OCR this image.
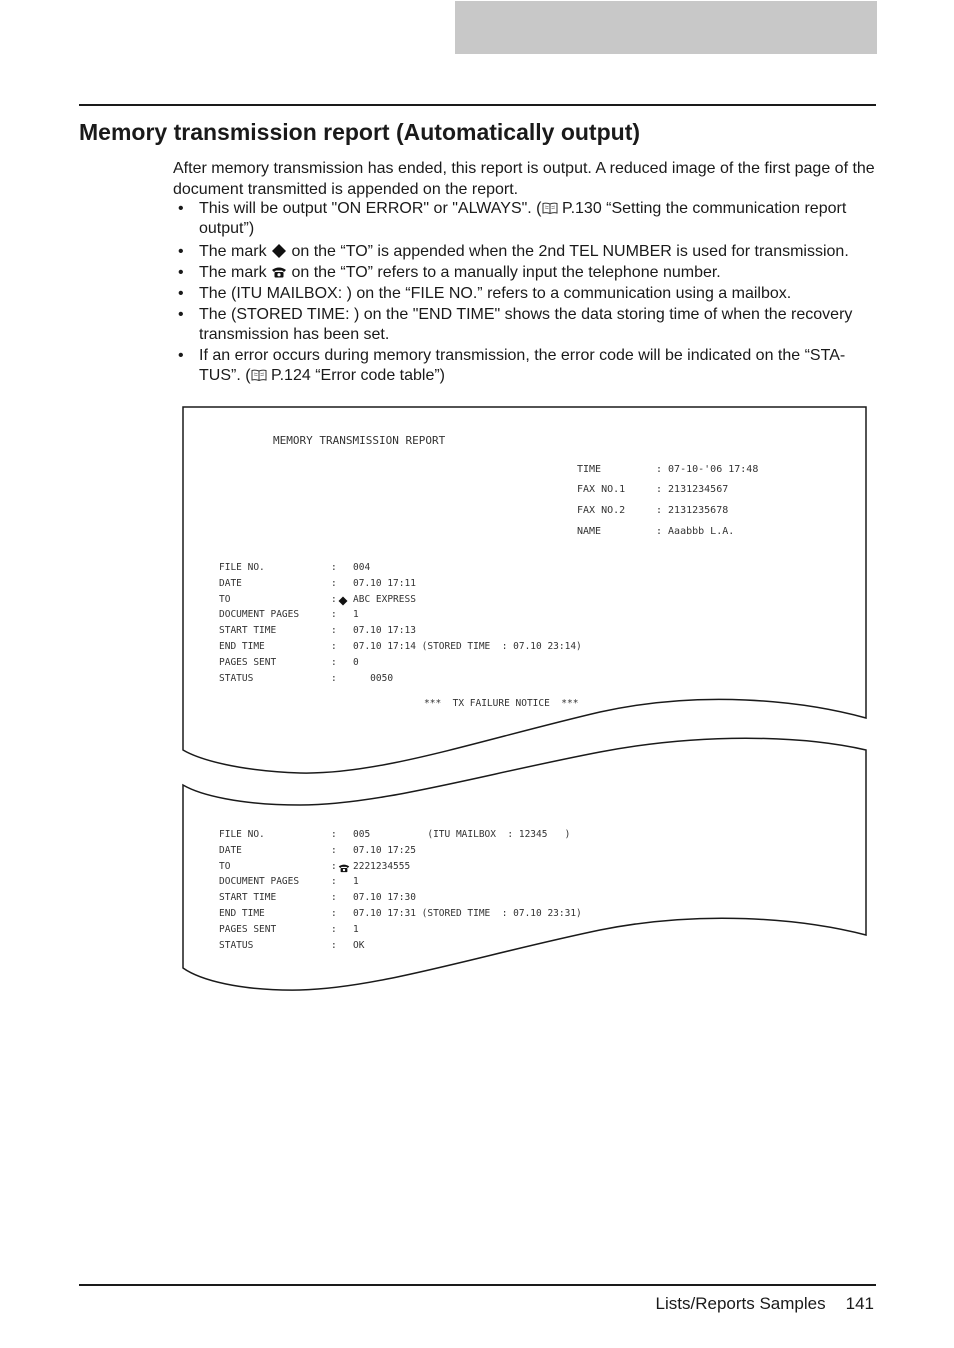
Memory transmission report (Automatically output)

After memory transmission has ended, this report is output. A reduced image of the first page of the document transmitted is appended on the report.

• This will be output "ON ERROR" or "ALWAYS". ( P.130 “Setting the communication report output”)
• The mark  on the “TO” is appended when the 2nd TEL NUMBER is used for transmission.
• The mark  on the “TO” refers to a manually input the telephone number.
• The (ITU MAILBOX: ) on the “FILE NO.” refers to a communication using a mailbox.
• The (STORED TIME: ) on the "END TIME" shows the data storing time of when the recovery transmission has been set.
• If an error occurs during memory transmission, the error code will be indicated on the “STA-TUS”. ( P.124 “Error code table”)
MEMORY TRANSMISSION REPORT
TIME	: 07-10-'06 17:48
FAX NO.1	: 2131234567
FAX NO.2	: 2131235678
NAME	: Aaabbb L.A.
FILE NO.	: 004
DATE	: 07.10 17:11
TO	: ABC EXPRESS
DOCUMENT PAGES	: 1
START TIME	: 07.10 17:13
END TIME	: 07.10 17:14 (STORED TIME  : 07.10 23:14)
PAGES SENT	: 0
STATUS	: 0050
***  TX FAILURE NOTICE  ***
FILE NO.	: 005          (ITU MAILBOX  : 12345   )
DATE	: 07.10 17:25
TO	: 2221234555
DOCUMENT PAGES	: 1
START TIME	: 07.10 17:30
END TIME	: 07.10 17:31 (STORED TIME  : 07.10 23:31)
PAGES SENT	: 1
STATUS	: OK
Lists/Reports Samples 141
